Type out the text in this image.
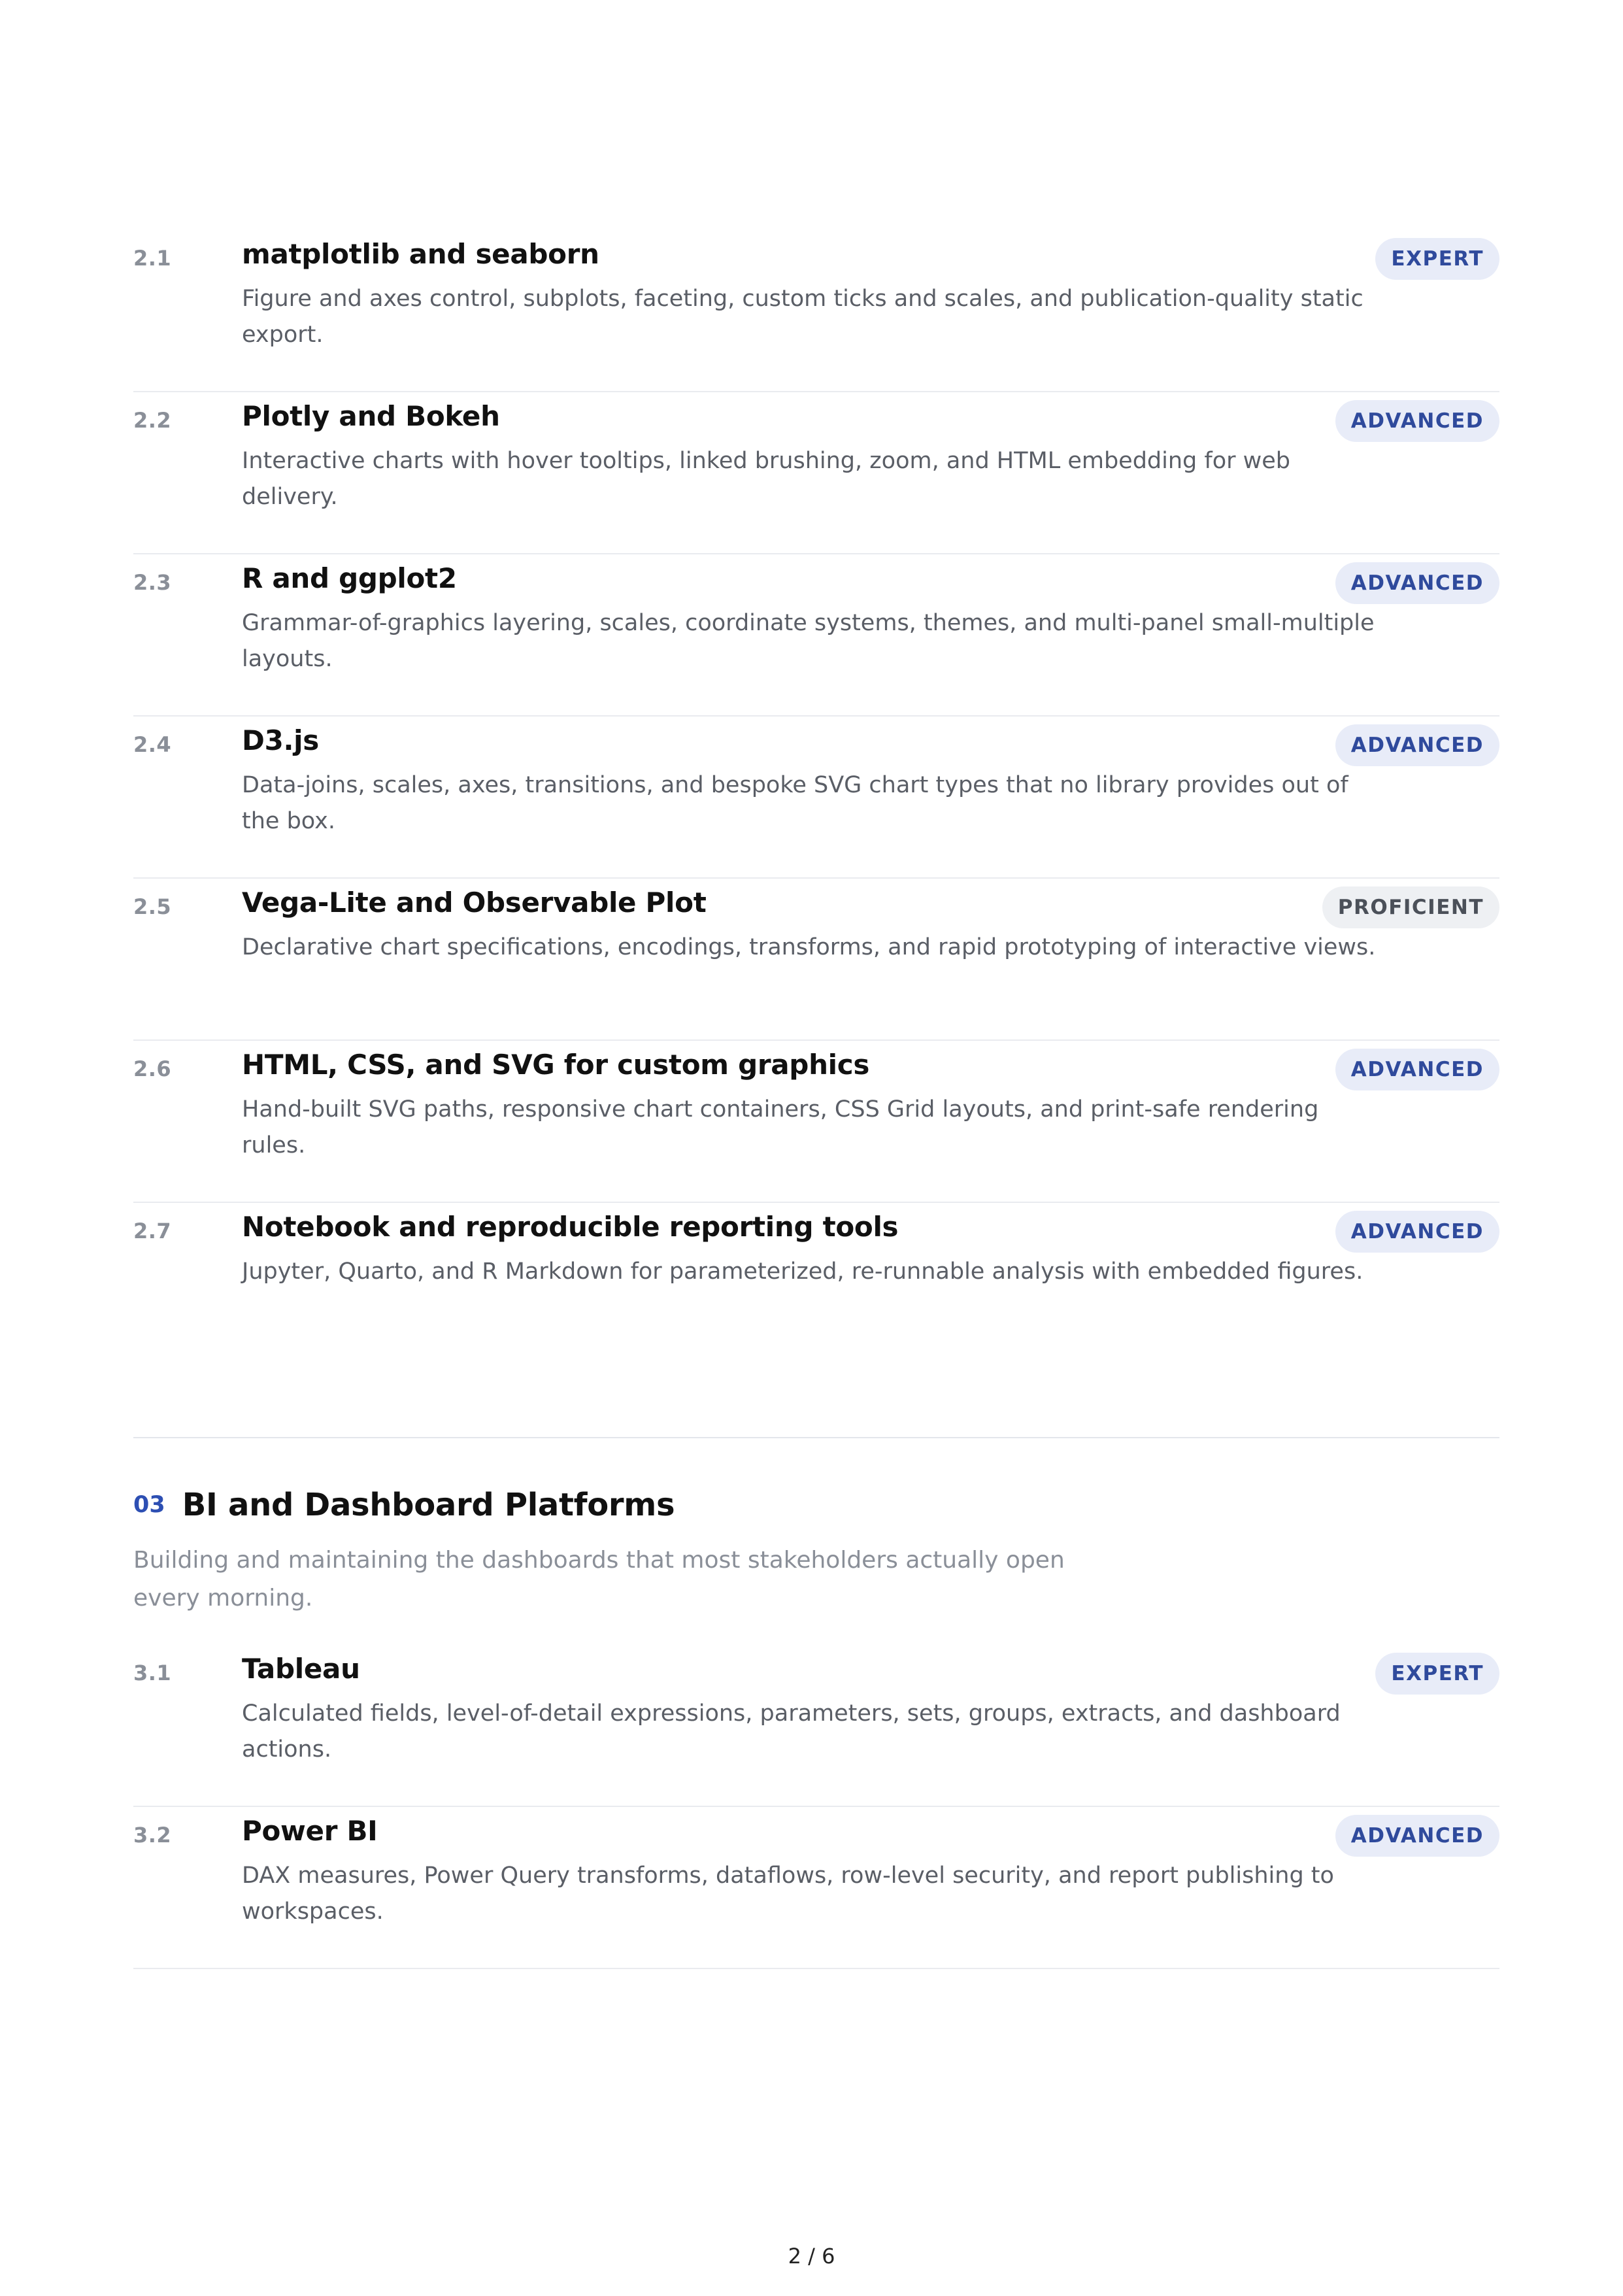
2.1	matplotlib and seaborn
Figure and axes control, subplots, faceting, custom ticks and scales, and publication-quality static export.
EXPERT
2.2	Plotly and Bokeh
Interactive charts with hover tooltips, linked brushing, zoom, and HTML embedding for web delivery.
ADVANCED
2.3	R and ggplot2
Grammar-of-graphics layering, scales, coordinate systems, themes, and multi-panel small-multiple layouts.
ADVANCED
2.4	D3.js
Data-joins, scales, axes, transitions, and bespoke SVG chart types that no library provides out of the box.
ADVANCED
2.5	Vega-Lite and Observable Plot
Declarative chart specifications, encodings, transforms, and rapid prototyping of interactive views.
PROFICIENT
2.6	HTML, CSS, and SVG for custom graphics
Hand-built SVG paths, responsive chart containers, CSS Grid layouts, and print-safe rendering rules.
ADVANCED
2.7	Notebook and reproducible reporting tools
Jupyter, Quarto, and R Markdown for parameterized, re-runnable analysis with embedded figures.
ADVANCED
03 BI and Dashboard Platforms
Building and maintaining the dashboards that most stakeholders actually open every morning.
3.1	Tableau
Calculated fields, level-of-detail expressions, parameters, sets, groups, extracts, and dashboard actions.
EXPERT
3.2	Power BI
DAX measures, Power Query transforms, dataflows, row-level security, and report publishing to workspaces.
ADVANCED
2 / 6
